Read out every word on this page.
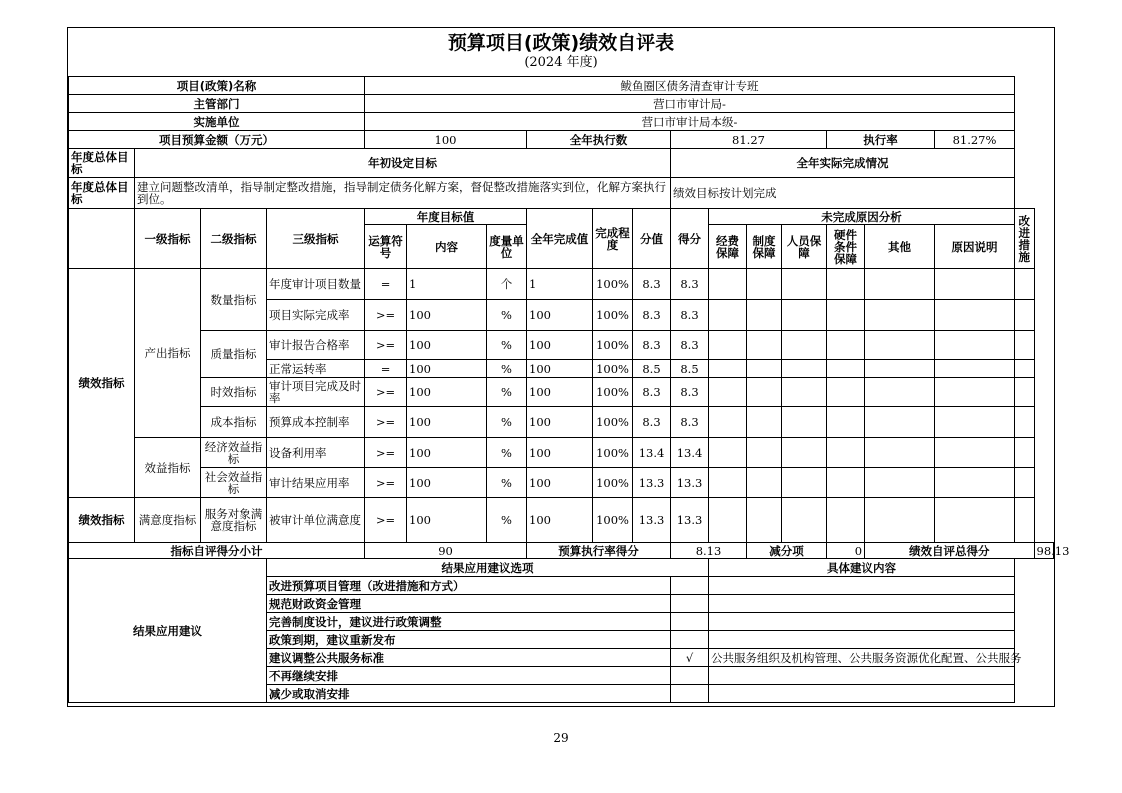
预算项目(政策)绩效自评表
(2024 年度)
项目(政策)名称				鲅鱼圈区债务清查审计专班														
主管部门				营口市审计局-														
实施单位				营口市审计局本级-														
项目预算金额（万元）				100			全年执行数			81.27				执行率		81.27%		
年度总体目标	年初设定目标									全年实际完成情况								
年度总体目标	建立问题整改清单，指导制定整改措施，指导制定债务化解方案，督促整改措施落实到位，化解方案执行到位。									绩效目标按计划完成								
	一级指标	二级指标	三级指标	年度目标值			全年完成值	完成程度	分值	得分	未完成原因分析						改进措施	
				运算符号	内容	度量单位					经费保障	制度保障	人员保障	硬件条件保障	其他	原因说明		

绩效指标	产出指标	数量指标	年度审计项目数量	=	1	个	1	100%	8.3	8.3								
			项目实际完成率	>=	100	%	100	100%	8.3	8.3								
		质量指标	审计报告合格率	>=	100	%	100	100%	8.3	8.3								
			正常运转率	=	100	%	100	100%	8.5	8.5								
		时效指标	审计项目完成及时率	>=	100	%	100	100%	8.3	8.3								
		成本指标	预算成本控制率	>=	100	%	100	100%	8.3	8.3								
	效益指标	经济效益指标	设备利用率	>=	100	%	100	100%	13.4	13.4								
		社会效益指标	审计结果应用率	>=	100	%	100	100%	13.3	13.3								
绩效指标	满意度指标	服务对象满意度指标	被审计单位满意度	>=	100	%	100	100%	13.3	13.3								
指标自评得分小计				90			预算执行率得分			8.13		减分项		0	绩效自评总得分			98.13
结果应用建议			结果应用建议选项								具体建议内容							
			改进预算项目管理（改进措施和方式）															
			规范财政资金管理															
			完善制度设计，建议进行政策调整															
			政策到期，建议重新发布															
			建议调整公共服务标准							√	公共服务组织及机构管理、公共服务资源优化配置、公共服务							
			不再继续安排															
			减少或取消安排															
29
